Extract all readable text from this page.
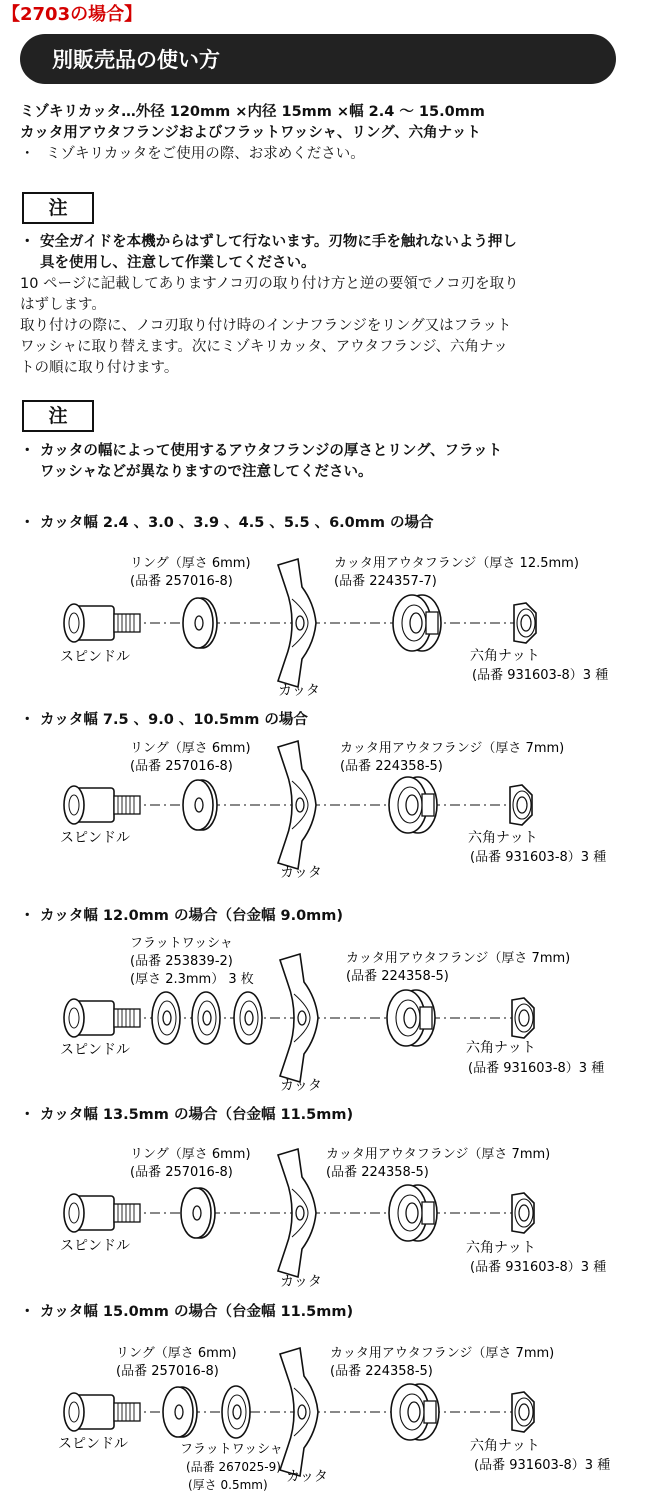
【2703の場合】
別販売品の使い方
ミゾキリカッタ…外径 120mm ×内径 15mm ×幅 2.4 ～ 15.0mm
カッタ用アウタフランジおよびフラットワッシャ、リング、六角ナット
・ ミゾキリカッタをご使用の際、お求めください。
注
・ 安全ガイドを本機からはずして行ないます。刃物に手を触れないよう押し
具を使用し、注意して作業してください。
10 ページに記載してありますノコ刃の取り付け方と逆の要領でノコ刃を取り
はずします。
取り付けの際に、ノコ刃取り付け時のインナフランジをリング又はフラット
ワッシャに取り替えます。次にミゾキリカッタ、アウタフランジ、六角ナッ
トの順に取り付けます。
注
・ カッタの幅によって使用するアウタフランジの厚さとリング、フラット
ワッシャなどが異なりますので注意してください。
・ カッタ幅 2.4 、3.0 、3.9 、4.5 、5.5 、6.0mm の場合
・ カッタ幅 7.5 、9.0 、10.5mm の場合
・ カッタ幅 12.0mm の場合（台金幅 9.0mm)
・ カッタ幅 13.5mm の場合（台金幅 11.5mm)
・ カッタ幅 15.0mm の場合（台金幅 11.5mm)
リング（厚さ 6mm)
(品番 257016-8)
カッタ用アウタフランジ（厚さ 12.5mm)
(品番 224357-7)
スピンドル
カッタ
六角ナット
(品番 931603-8）3 種
リング（厚さ 6mm)
(品番 257016-8)
カッタ用アウタフランジ（厚さ 7mm)
(品番 224358-5)
スピンドル
カッタ
六角ナット
(品番 931603-8）3 種
フラットワッシャ
(品番 253839-2)
(厚さ 2.3mm） 3 枚
カッタ用アウタフランジ（厚さ 7mm)
(品番 224358-5)
スピンドル
カッタ
六角ナット
(品番 931603-8）3 種
リング（厚さ 6mm)
(品番 257016-8)
カッタ用アウタフランジ（厚さ 7mm)
(品番 224358-5)
スピンドル
カッタ
六角ナット
(品番 931603-8）3 種
リング（厚さ 6mm)
(品番 257016-8)
カッタ用アウタフランジ（厚さ 7mm)
(品番 224358-5)
スピンドル	フラットワッシャ
(品番 267025-9)
(厚さ 0.5mm) カッタ
六角ナット
(品番 931603-8）3 種
